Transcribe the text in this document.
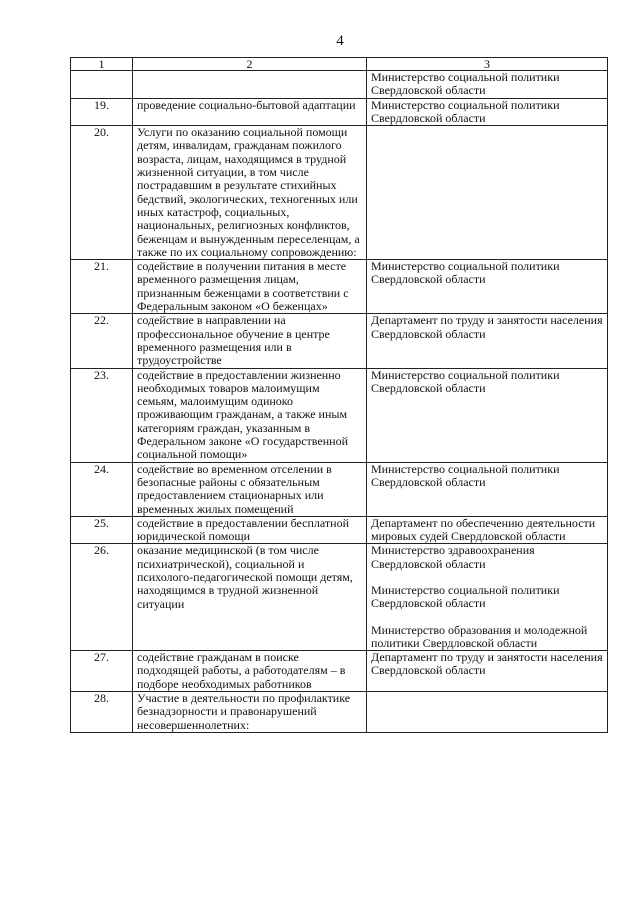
4
1	2	3

		Министерство социальной политики Свердловской области

19.	проведение социально-бытовой адаптации	Министерство социальной политики Свердловской области

20.	Услуги по оказанию социальной помощи детям, инвалидам, гражданам пожилого возраста, лицам, находящимся в трудной жизненной ситуации, в том числе пострадавшим в результате стихийных бедствий, экологических, техногенных или иных катастроф, социальных, национальных, религиозных конфликтов, беженцам и вынужденным переселенцам, а также по их социальному сопровождению:	
21.	содействие в получении питания в месте временного размещения лицам, признанным беженцами в соответствии с Федеральным законом «О беженцах»	Министерство социальной политики Свердловской области

22.	содействие в направлении на профессиональное обучение в центре временного размещения или в трудоустройстве	Департамент по труду и занятости населения Свердловской области

23.	содействие в предоставлении жизненно необходимых товаров малоимущим семьям, малоимущим одиноко проживающим гражданам, а также иным категориям граждан, указанным в Федеральном законе «О государственной социальной помощи»	Министерство социальной политики Свердловской области

24.	содействие во временном отселении в безопасные районы с обязательным предоставлением стационарных или временных жилых помещений	Министерство социальной политики Свердловской области

25.	содействие в предоставлении бесплатной юридической помощи	Департамент по обеспечению деятельности мировых судей Свердловской области

26.	оказание медицинской (в том числе психиатрической), социальной и психолого-педагогической помощи детям, находящимся в трудной жизненной ситуации	Министерство здравоохранения Свердловской области
Министерство социальной политики Свердловской области
Министерство образования и молодежной политики Свердловской области

27.	содействие гражданам в поиске подходящей работы, а работодателям – в подборе необходимых работников	Департамент по труду и занятости населения Свердловской области

28.	Участие в деятельности по профилактике безнадзорности и правонарушений несовершеннолетних:	
